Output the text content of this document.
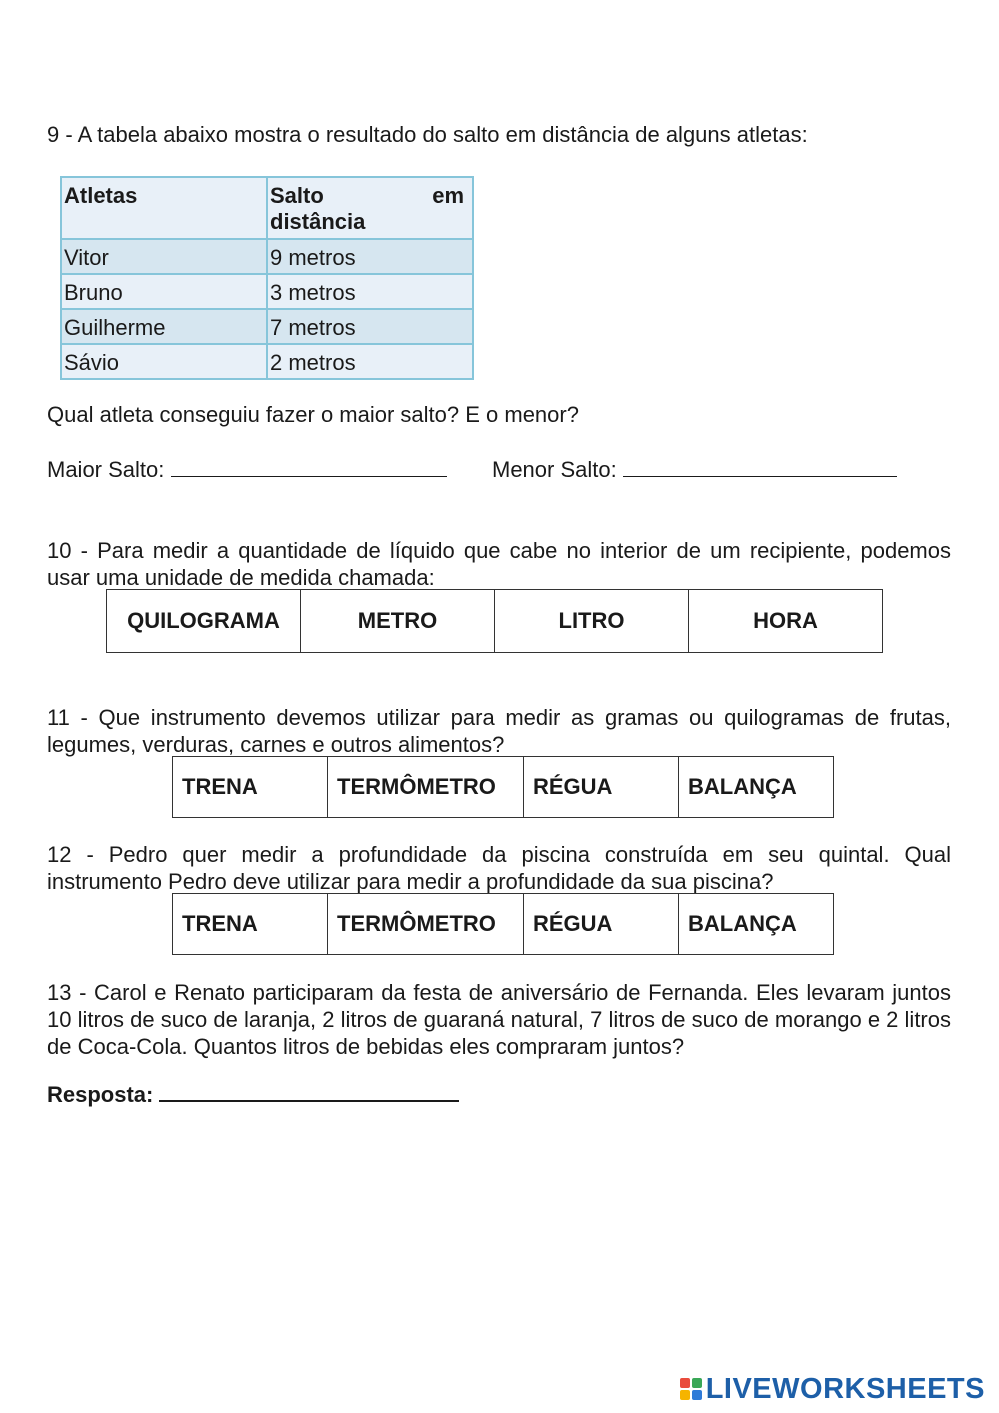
9 - A tabela abaixo mostra o resultado do salto em distância de alguns atletas:
Atletas	Salto em
distância

Vitor	9 metros
Bruno	3 metros
Guilherme	7 metros
Sávio	2 metros
Qual atleta conseguiu fazer o maior salto? E o menor?
Maior Salto:	Menor Salto:
10 - Para medir a quantidade de líquido que cabe no interior de um recipiente, podemos usar uma unidade de medida chamada:
QUILOGRAMA	METRO	LITRO	HORA
11 - Que instrumento devemos utilizar para medir as gramas ou quilogramas de frutas, legumes, verduras, carnes e outros alimentos?
TRENA	TERMÔMETRO	RÉGUA	BALANÇA
12 - Pedro quer medir a profundidade da piscina construída em seu quintal. Qual instrumento Pedro deve utilizar para medir a profundidade da sua piscina?
TRENA	TERMÔMETRO	RÉGUA	BALANÇA
13 - Carol e Renato participaram da festa de aniversário de Fernanda. Eles levaram juntos 10 litros de suco de laranja, 2 litros de guaraná natural, 7 litros de suco de morango e 2 litros de Coca-Cola. Quantos litros de bebidas eles compraram juntos?
Resposta:
LIVEWORKSHEETS
